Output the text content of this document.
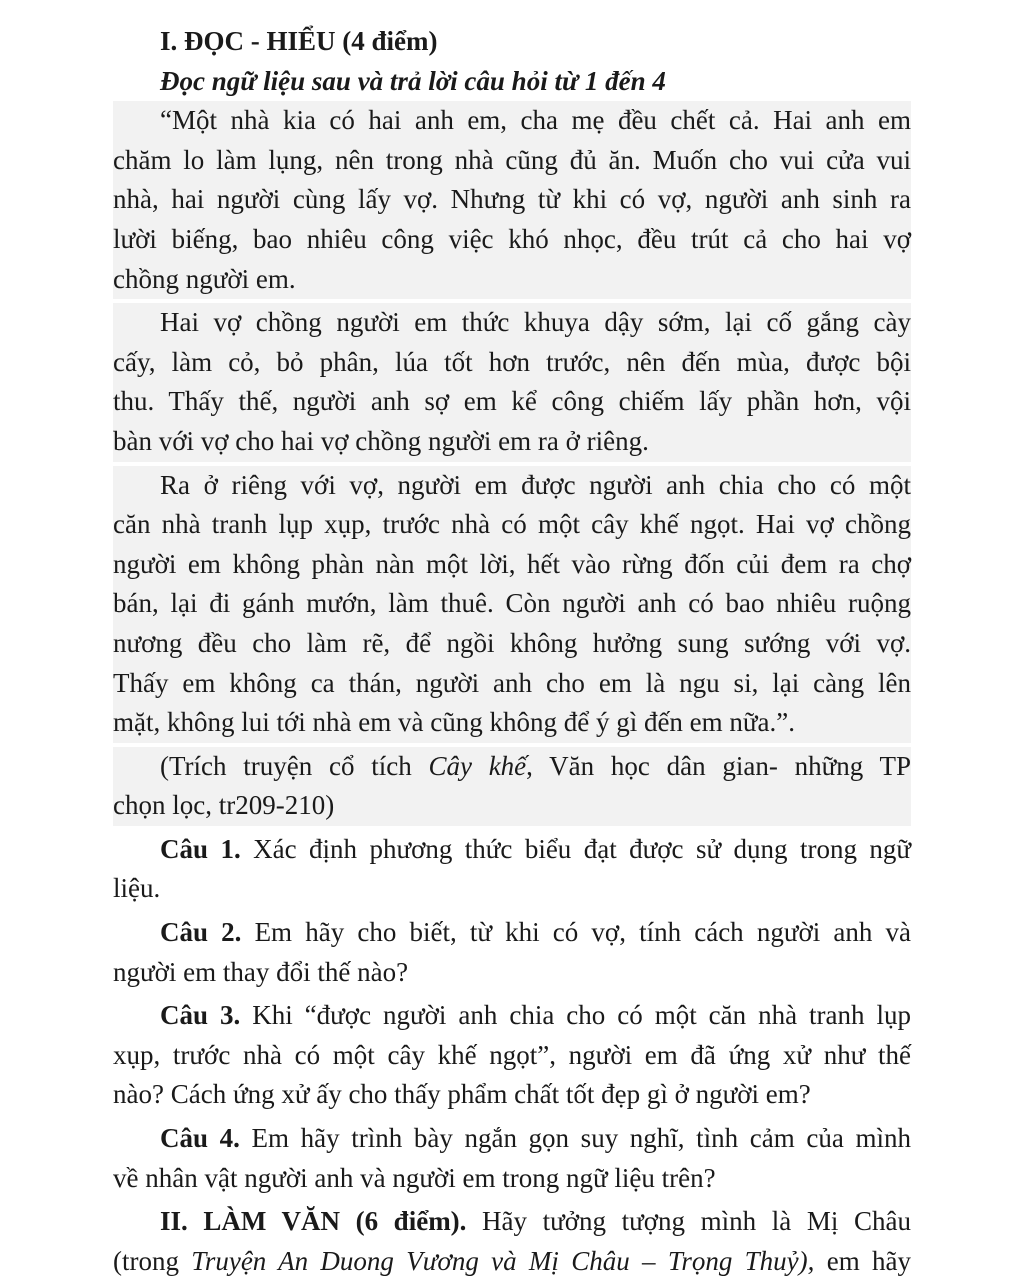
I. ĐỌC - HIỂU (4 điểm)
Đọc ngữ liệu sau và trả lời câu hỏi từ 1 đến 4
“Một nhà kia có hai anh em, cha mẹ đều chết cả. Hai anh em
chăm lo làm lụng, nên trong nhà cũng đủ ăn. Muốn cho vui cửa vui
nhà, hai người cùng lấy vợ. Nhưng từ khi có vợ, người anh sinh ra
lười biếng, bao nhiêu công việc khó nhọc, đều trút cả cho hai vợ
chồng người em.
Hai vợ chồng người em thức khuya dậy sớm, lại cố gắng cày
cấy, làm cỏ, bỏ phân, lúa tốt hơn trước, nên đến mùa, được bội
thu. Thấy thế, người anh sợ em kể công chiếm lấy phần hơn, vội
bàn với vợ cho hai vợ chồng người em ra ở riêng.
Ra ở riêng với vợ, người em được người anh chia cho có một
căn nhà tranh lụp xụp, trước nhà có một cây khế ngọt. Hai vợ chồng
người em không phàn nàn một lời, hết vào rừng đốn củi đem ra chợ
bán, lại đi gánh mướn, làm thuê. Còn người anh có bao nhiêu ruộng
nương đều cho làm rẽ, để ngồi không hưởng sung sướng với vợ.
Thấy em không ca thán, người anh cho em là ngu si, lại càng lên
mặt, không lui tới nhà em và cũng không để ý gì đến em nữa.”.
(Trích truyện cổ tích Cây khế, Văn học dân gian- những TP
chọn lọc, tr209-210)
Câu 1. Xác định phương thức biểu đạt được sử dụng trong ngữ
liệu.
Câu 2. Em hãy cho biết, từ khi có vợ, tính cách người anh và
người em thay đổi thế nào?
Câu 3. Khi “được người anh chia cho có một căn nhà tranh lụp
xụp, trước nhà có một cây khế ngọt”, người em đã ứng xử như thế
nào? Cách ứng xử ấy cho thấy phẩm chất tốt đẹp gì ở người em?
Câu 4. Em hãy trình bày ngắn gọn suy nghĩ, tình cảm của mình
về nhân vật người anh và người em trong ngữ liệu trên?
II. LÀM VĂN (6 điểm). Hãy tưởng tượng mình là Mị Châu
(trong Truyện An Duong Vương và Mị Châu – Trọng Thuỷ), em hãy
